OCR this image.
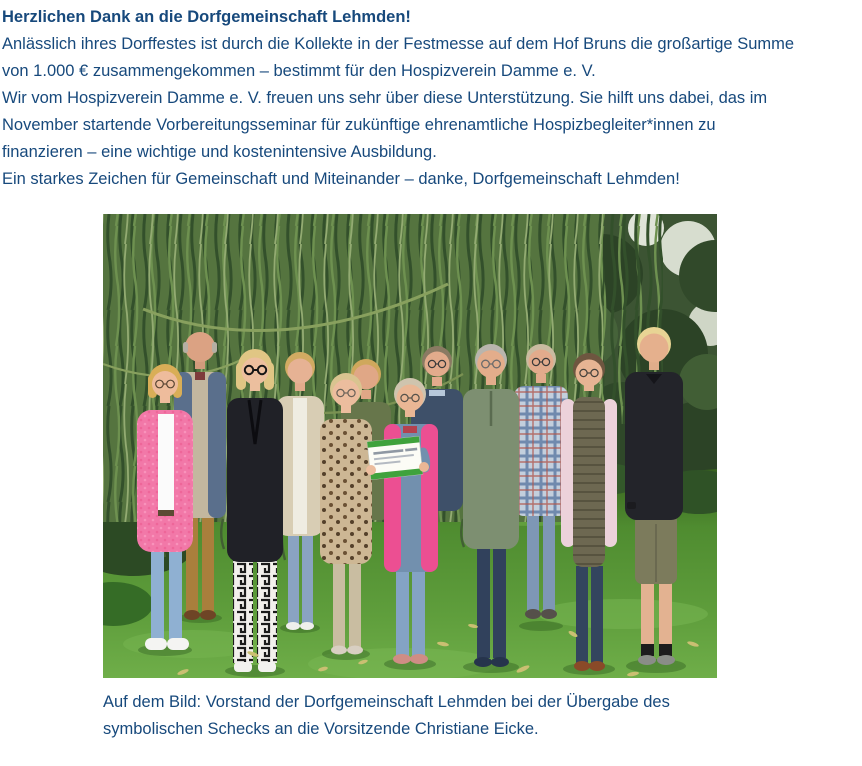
Herzlichen Dank an die Dorfgemeinschaft Lehmden!
Anlässlich ihres Dorffestes ist durch die Kollekte in der Festmesse auf dem Hof Bruns die großartige Summe
von 1.000 € zusammengekommen – bestimmt für den Hospizverein Damme e. V.
Wir vom Hospizverein Damme e. V. freuen uns sehr über diese Unterstützung. Sie hilft uns dabei, das im
November startende Vorbereitungsseminar für zukünftige ehrenamtliche Hospizbegleiter*innen zu
finanzieren – eine wichtige und kostenintensive Ausbildung.
Ein starkes Zeichen für Gemeinschaft und Miteinander – danke, Dorfgemeinschaft Lehmden!
Auf dem Bild: Vorstand der Dorfgemeinschaft Lehmden bei der Übergabe des
symbolischen Schecks an die Vorsitzende Christiane Eicke.
